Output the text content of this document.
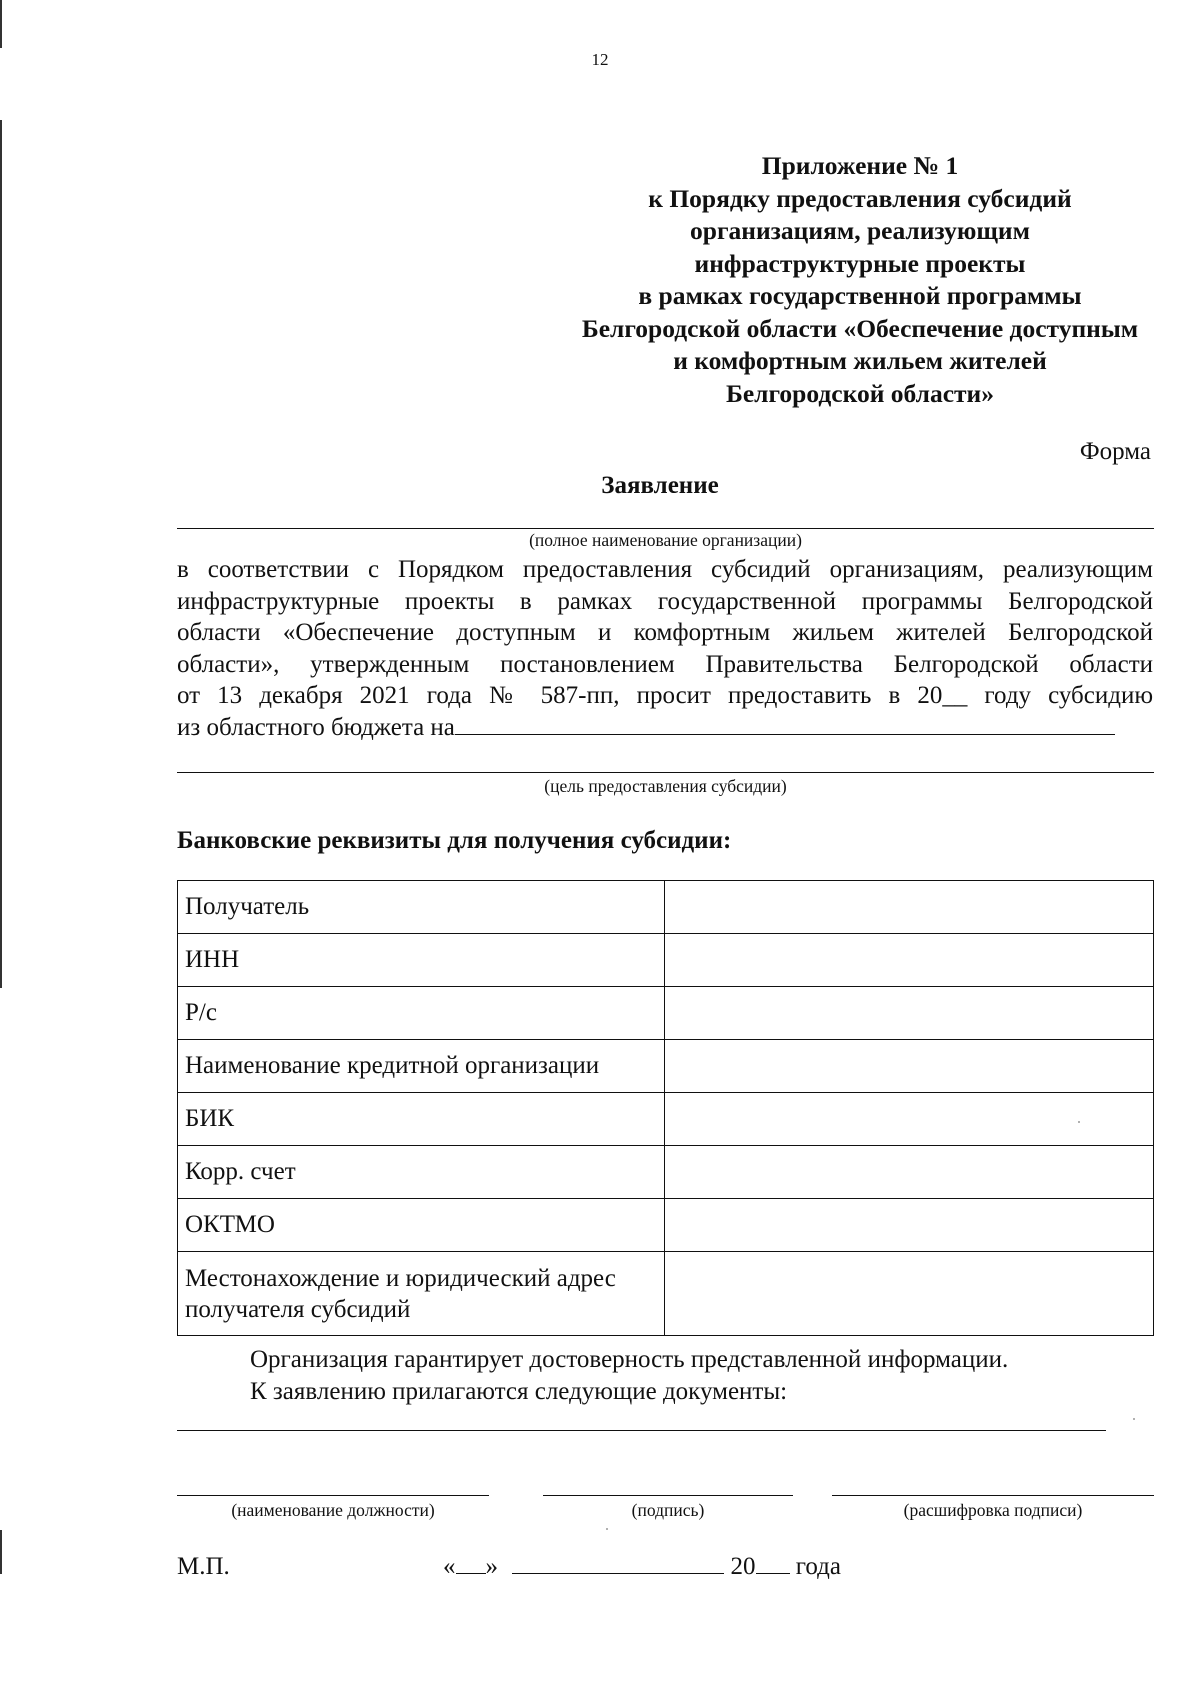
12
Приложение № 1
к Порядку предоставления субсидий
организациям, реализующим
инфраструктурные проекты
в рамках государственной программы
Белгородской области «Обеспечение доступным
и комфортным жильем жителей
Белгородской области»
Форма
Заявление
(полное наименование организации)
в соответствии с Порядком предоставления субсидий организациям, реализующим
инфраструктурные проекты в рамках государственной программы Белгородской
области «Обеспечение доступным и комфортным жильем жителей Белгородской
области», утвержденным постановлением Правительства Белгородской области
от 13 декабря 2021 года № 587-пп, просит предоставить в 20__ году субсидию
из областного бюджета на
(цель предоставления субсидии)
Банковские реквизиты для получения субсидии:
Получатель	
ИНН	
Р/с	
Наименование кредитной организации	
БИК	
Корр. счет	
ОКТМО	
Местонахождение и юридический адрес получателя субсидий	
Организация гарантирует достоверность представленной информации.
К заявлению прилагаются следующие документы:
(наименование должности)	(подпись)	(расшифровка подписи)
М.П.	« »	20 года
